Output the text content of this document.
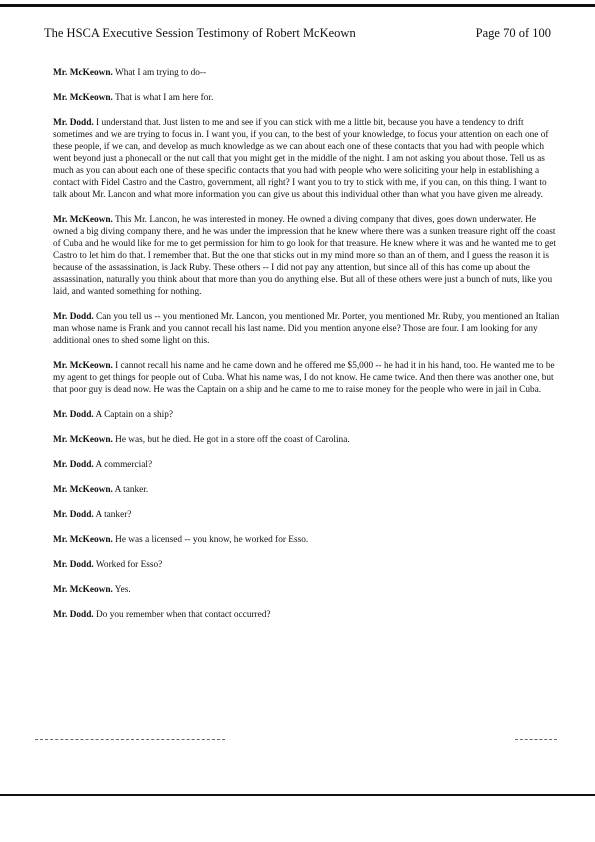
The HSCA Executive Session Testimony of Robert McKeown	Page 70 of 100

Mr. McKeown. What I am trying to do--

Mr. McKeown. That is what I am here for.

Mr. Dodd. I understand that. Just listen to me and see if you can stick with me a little bit, because you have a tendency to drift sometimes and we are trying to focus in. I want you, if you can, to the best of your knowledge, to focus your attention on each one of these people, if we can, and develop as much knowledge as we can about each one of these contacts that you had with people which went beyond just a phonecall or the nut call that you might get in the middle of the night. I am not asking you about those. Tell us as much as you can about each one of these specific contacts that you had with people who were soliciting your help in establishing a contact with Fidel Castro and the Castro, government, all right? I want you to try to stick with me, if you can, on this thing. I want to talk about Mr. Lancon and what more information you can give us about this individual other than what you have given me already.

Mr. McKeown. This Mr. Lancon, he was interested in money. He owned a diving company that dives, goes down underwater. He owned a big diving company there, and he was under the impression that he knew where there was a sunken treasure right off the coast of Cuba and he would like for me to get permission for him to go look for that treasure. He knew where it was and he wanted me to get Castro to let him do that. I remember that. But the one that sticks out in my mind more so than an of them, and I guess the reason it is because of the assassination, is Jack Ruby. These others -- I did not pay any attention, but since all of this has come up about the assassination, naturally you think about that more than you do anything else. But all of these others were just a bunch of nuts, like you laid, and wanted something for nothing.

Mr. Dodd. Can you tell us -- you mentioned Mr. Lancon, you mentioned Mr. Porter, you mentioned Mr. Ruby, you mentioned an Italian man whose name is Frank and you cannot recall his last name. Did you mention anyone else? Those are four. I am looking for any additional ones to shed some light on this.

Mr. McKeown. I cannot recall his name and he came down and he offered me $5,000 -- he had it in his hand, too. He wanted me to be my agent to get things for people out of Cuba. What his name was, I do not know. He came twice. And then there was another one, but that poor guy is dead now. He was the Captain on a ship and he came to me to raise money for the people who were in jail in Cuba.

Mr. Dodd. A Captain on a ship?

Mr. McKeown. He was, but he died. He got in a store off the coast of Carolina.

Mr. Dodd. A commercial?

Mr. McKeown. A tanker.

Mr. Dodd. A tanker?

Mr. McKeown. He was a licensed -- you know, he worked for Esso.

Mr. Dodd. Worked for Esso?

Mr. McKeown. Yes.

Mr. Dodd. Do you remember when that contact occurred?
